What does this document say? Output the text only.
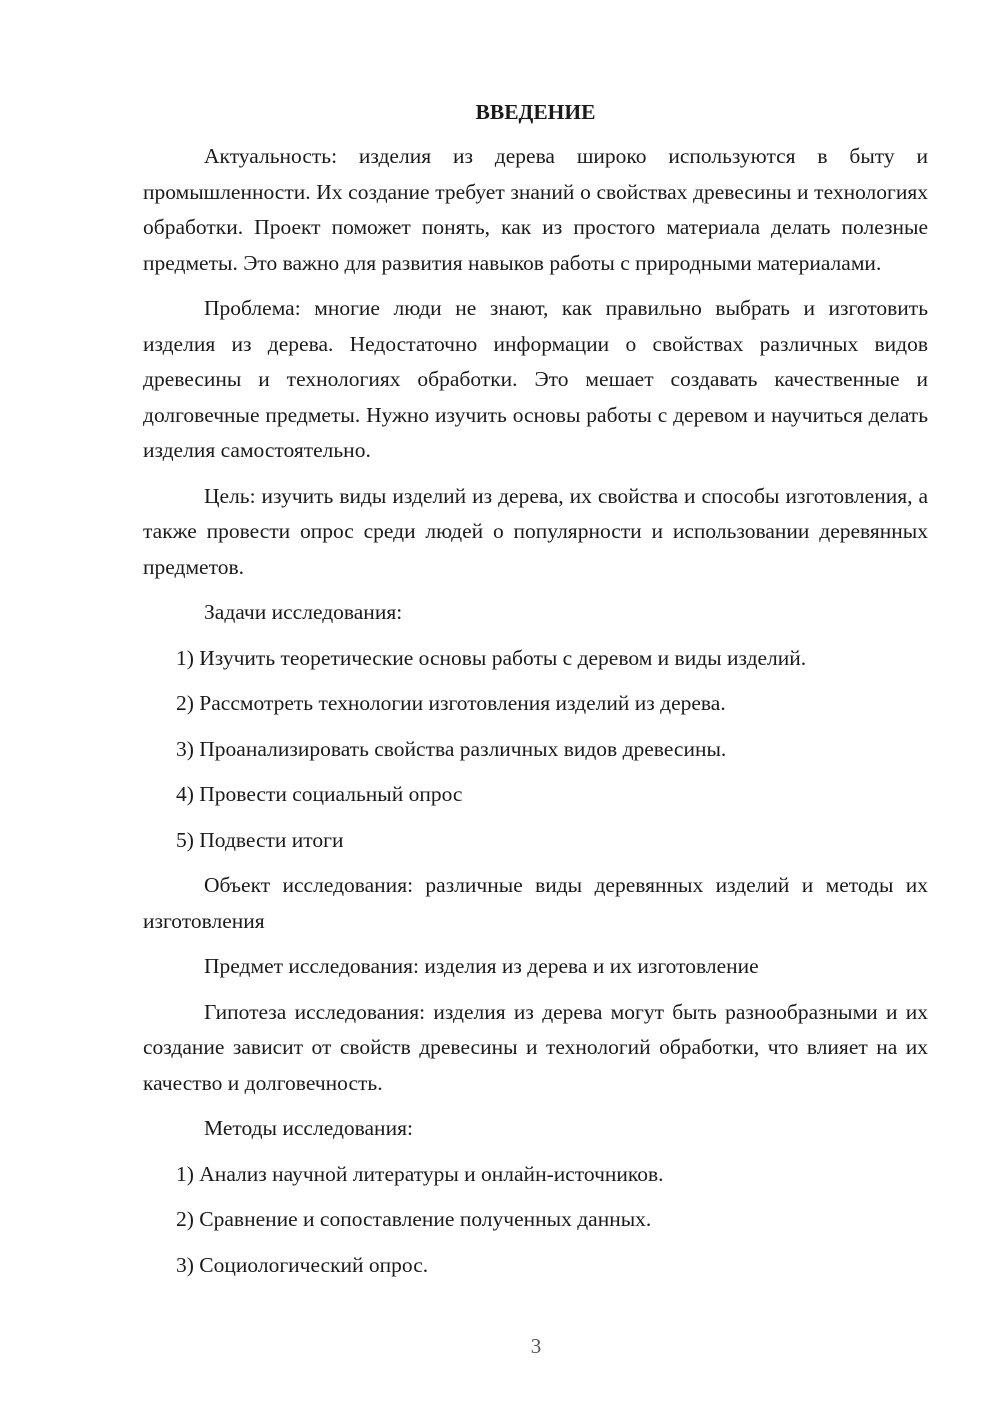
ВВЕДЕНИЕ

Актуальность: изделия из дерева широко используются в быту и промышленности. Их создание требует знаний о свойствах древесины и технологиях обработки. Проект поможет понять, как из простого материала делать полезные предметы. Это важно для развития навыков работы с природными материалами.

Проблема: многие люди не знают, как правильно выбрать и изготовить изделия из дерева. Недостаточно информации о свойствах различных видов древесины и технологиях обработки. Это мешает создавать качественные и долговечные предметы. Нужно изучить основы работы с деревом и научиться делать изделия самостоятельно.

Цель: изучить виды изделий из дерева, их свойства и способы изготовления, а также провести опрос среди людей о популярности и использовании деревянных предметов.

Задачи исследования:

1) Изучить теоретические основы работы с деревом и виды изделий.

2) Рассмотреть технологии изготовления изделий из дерева.

3) Проанализировать свойства различных видов древесины.

4) Провести социальный опрос

5) Подвести итоги

Объект исследования: различные виды деревянных изделий и методы их изготовления

Предмет исследования: изделия из дерева и их изготовление

Гипотеза исследования: изделия из дерева могут быть разнообразными и их создание зависит от свойств древесины и технологий обработки, что влияет на их качество и долговечность.

Методы исследования:

1) Анализ научной литературы и онлайн-источников.

2) Сравнение и сопоставление полученных данных.

3) Социологический опрос.

3
